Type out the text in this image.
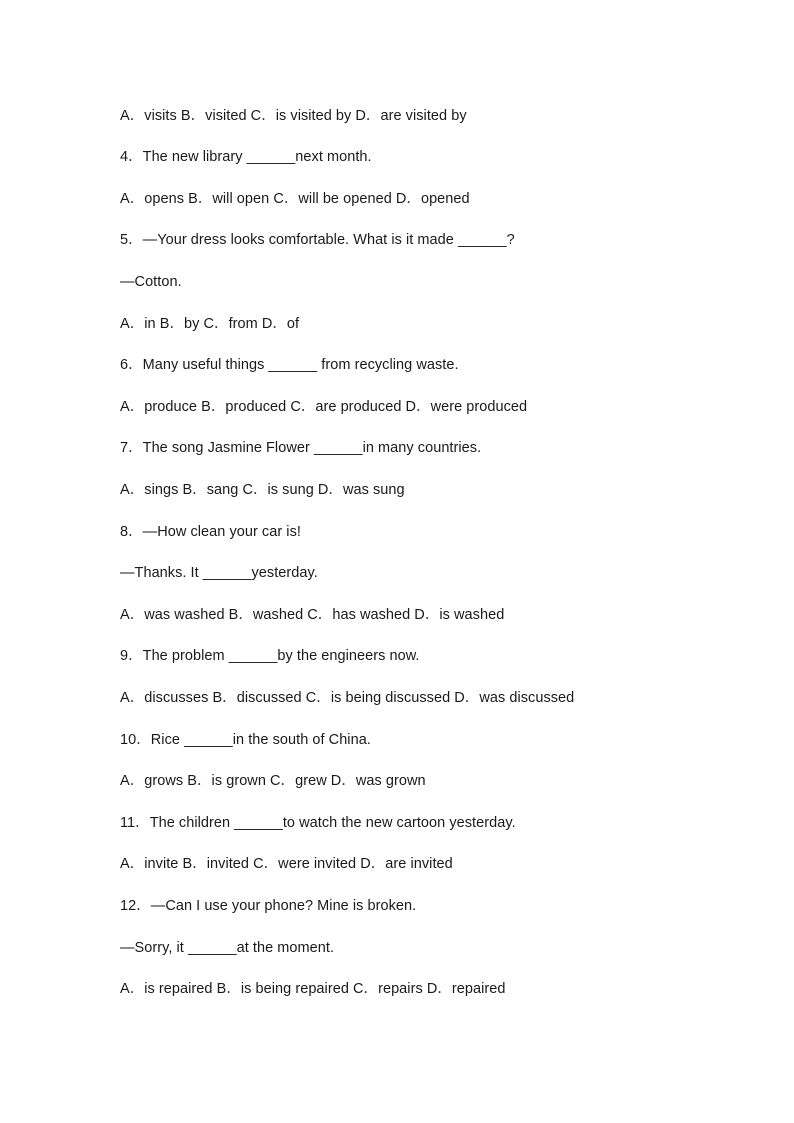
A．visits B．visited C．is visited by D．are visited by
4．The new library ______next month.
A．opens B．will open C．will be opened D．opened
5．—Your dress looks comfortable. What is it made ______?
—Cotton.
A．in B．by C．from D．of
6．Many useful things ______ from recycling waste.
A．produce B．produced C．are produced D．were produced
7．The song Jasmine Flower ______in many countries.
A．sings B．sang C．is sung D．was sung
8．—How clean your car is!
—Thanks. It ______yesterday.
A．was washed B．washed C．has washed D．is washed
9．The problem ______by the engineers now.
A．discusses B．discussed C．is being discussed D．was discussed
10．Rice ______in the south of China.
A．grows B．is grown C．grew D．was grown
11．The children ______to watch the new cartoon yesterday.
A．invite B．invited C．were invited D．are invited
12．—Can I use your phone? Mine is broken.
—Sorry, it ______at the moment.
A．is repaired B．is being repaired C．repairs D．repaired
